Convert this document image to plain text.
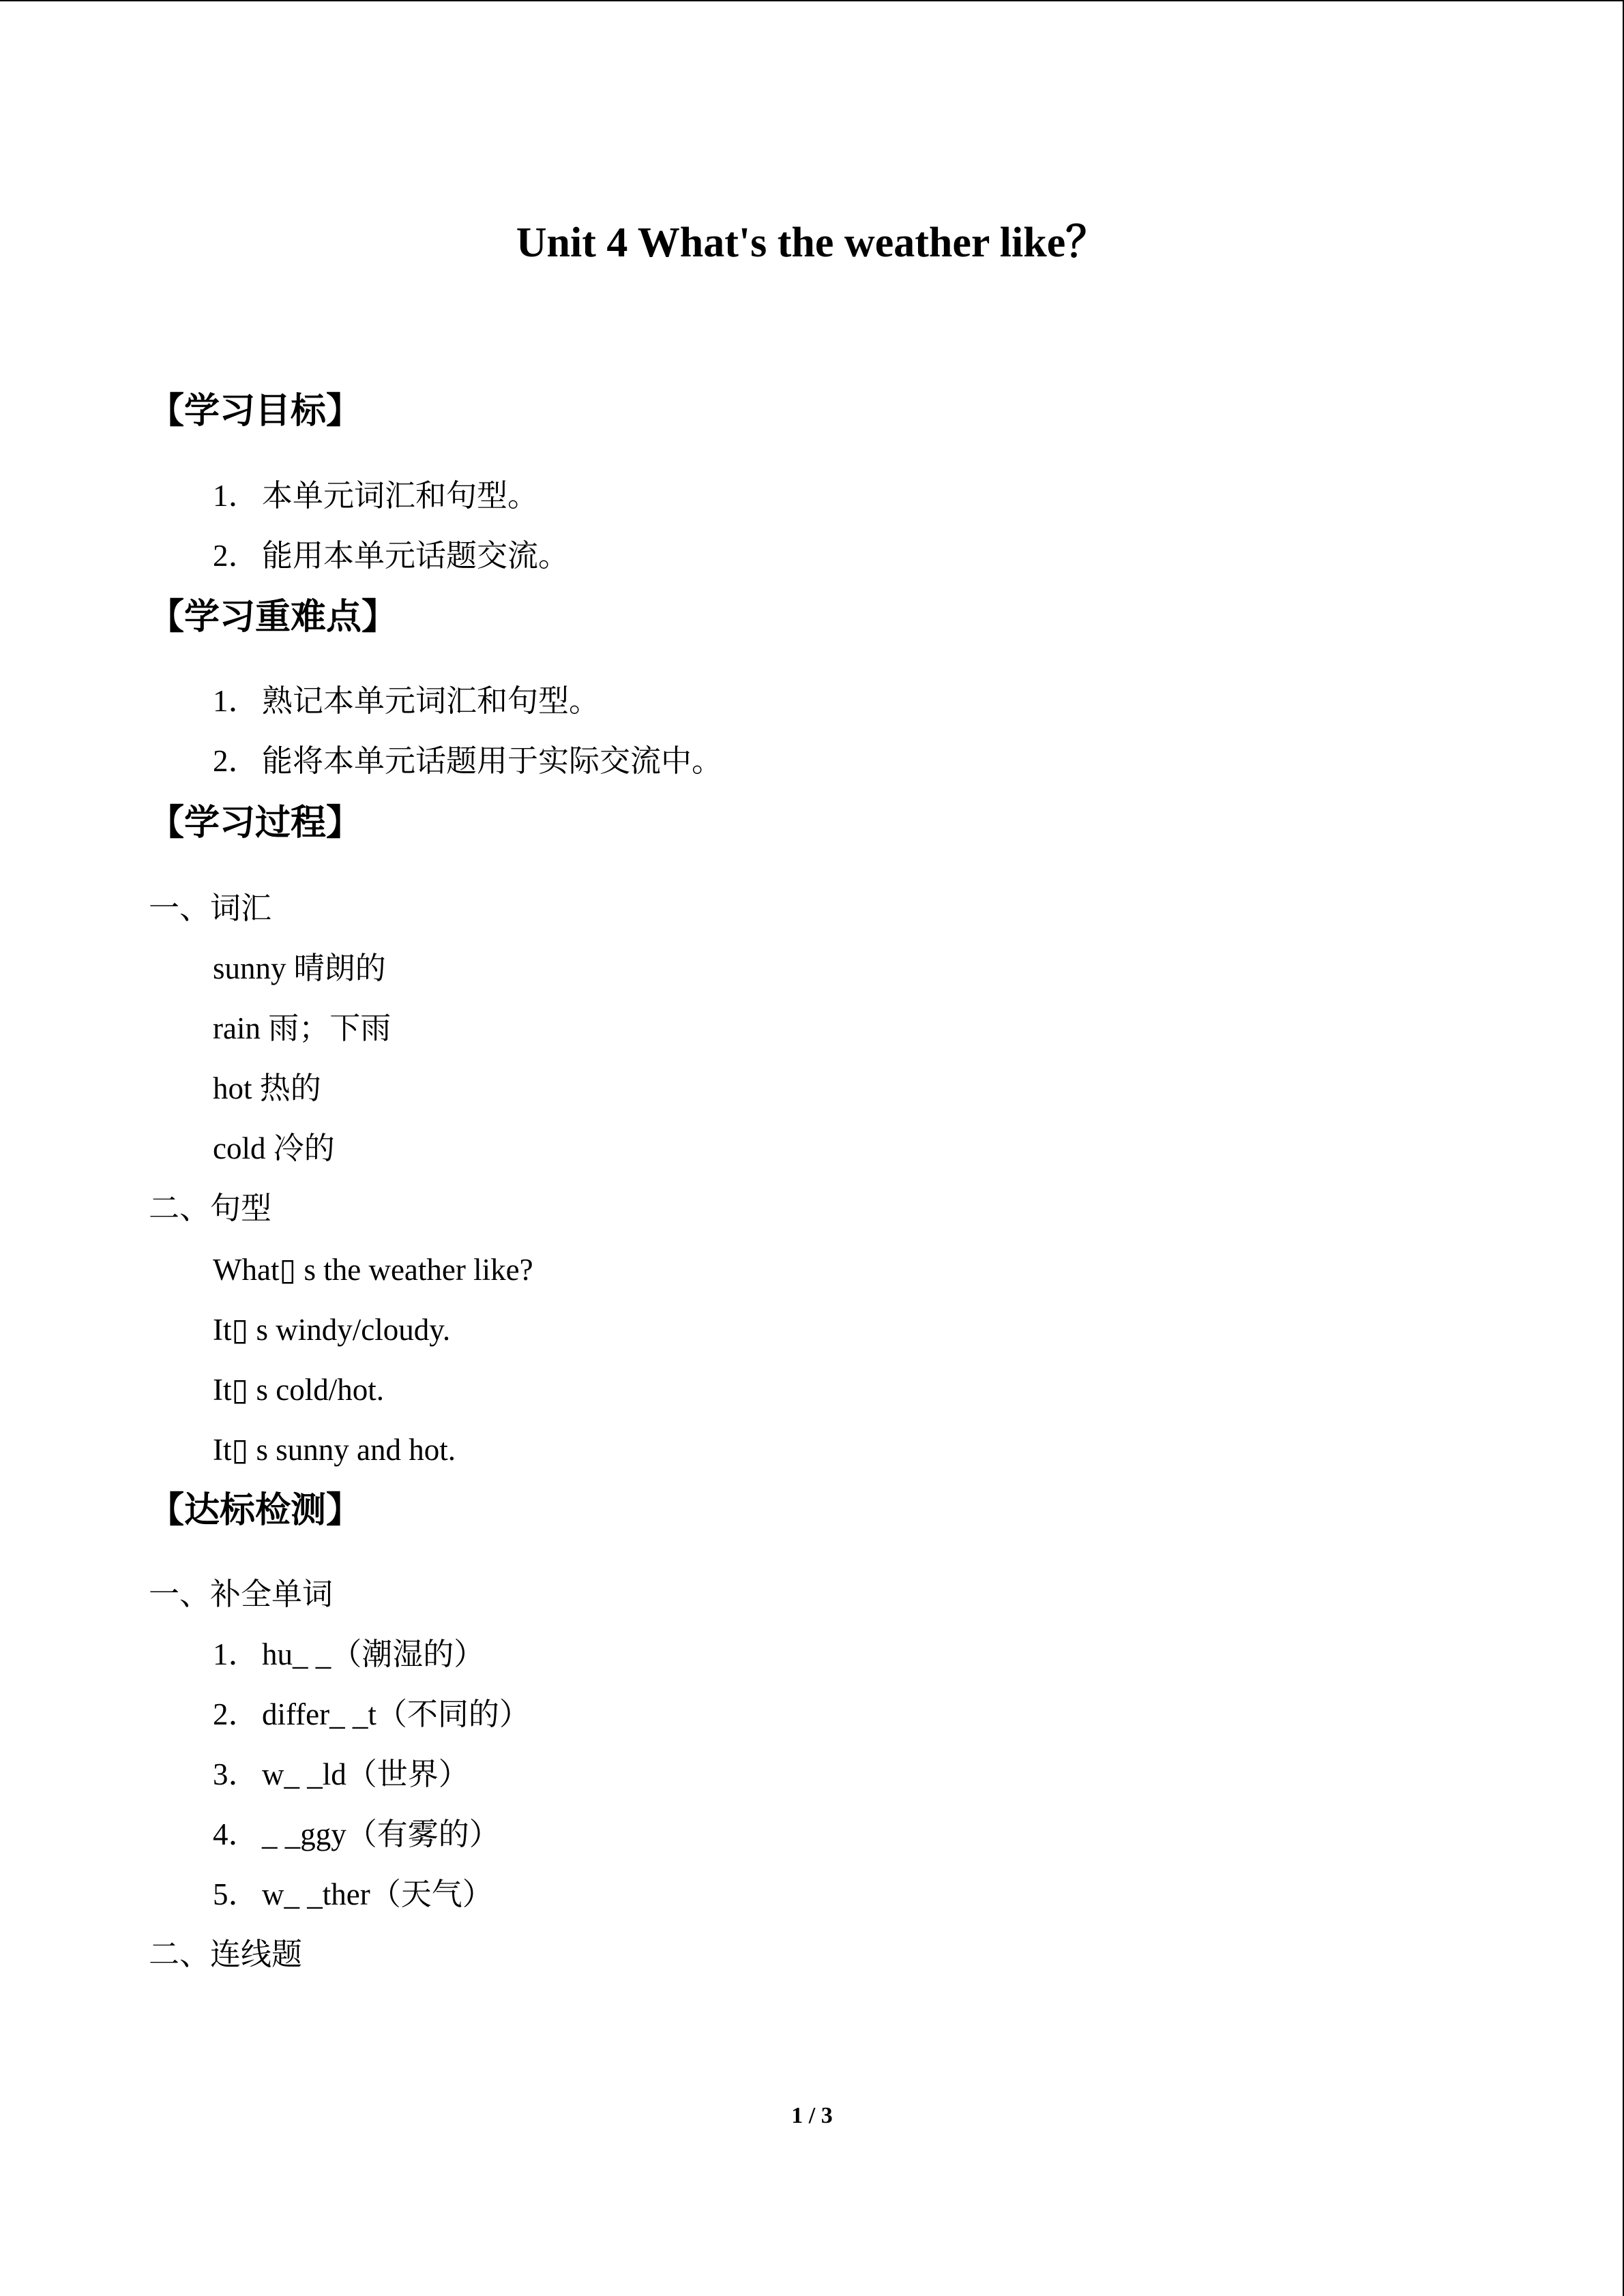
Unit 4 What's the weather like？
【学习目标】
1．本单元词汇和句型。
2．能用本单元话题交流。
【学习重难点】
1．熟记本单元词汇和句型。
2．能将本单元话题用于实际交流中。
【学习过程】
一、词汇
sunny 晴朗的
rain 雨；下雨
hot 热的
cold 冷的
二、句型
What▯ s the weather like?
It▯ s windy/cloudy.
It▯ s cold/hot.
It▯ s sunny and hot.
【达标检测】
一、补全单词
1．hu_ _（潮湿的）
2．differ_ _t（不同的）
3．w_ _ld（世界）
4．_ _ggy（有雾的）
5．w_ _ther（天气）
二、连线题
1 / 3
